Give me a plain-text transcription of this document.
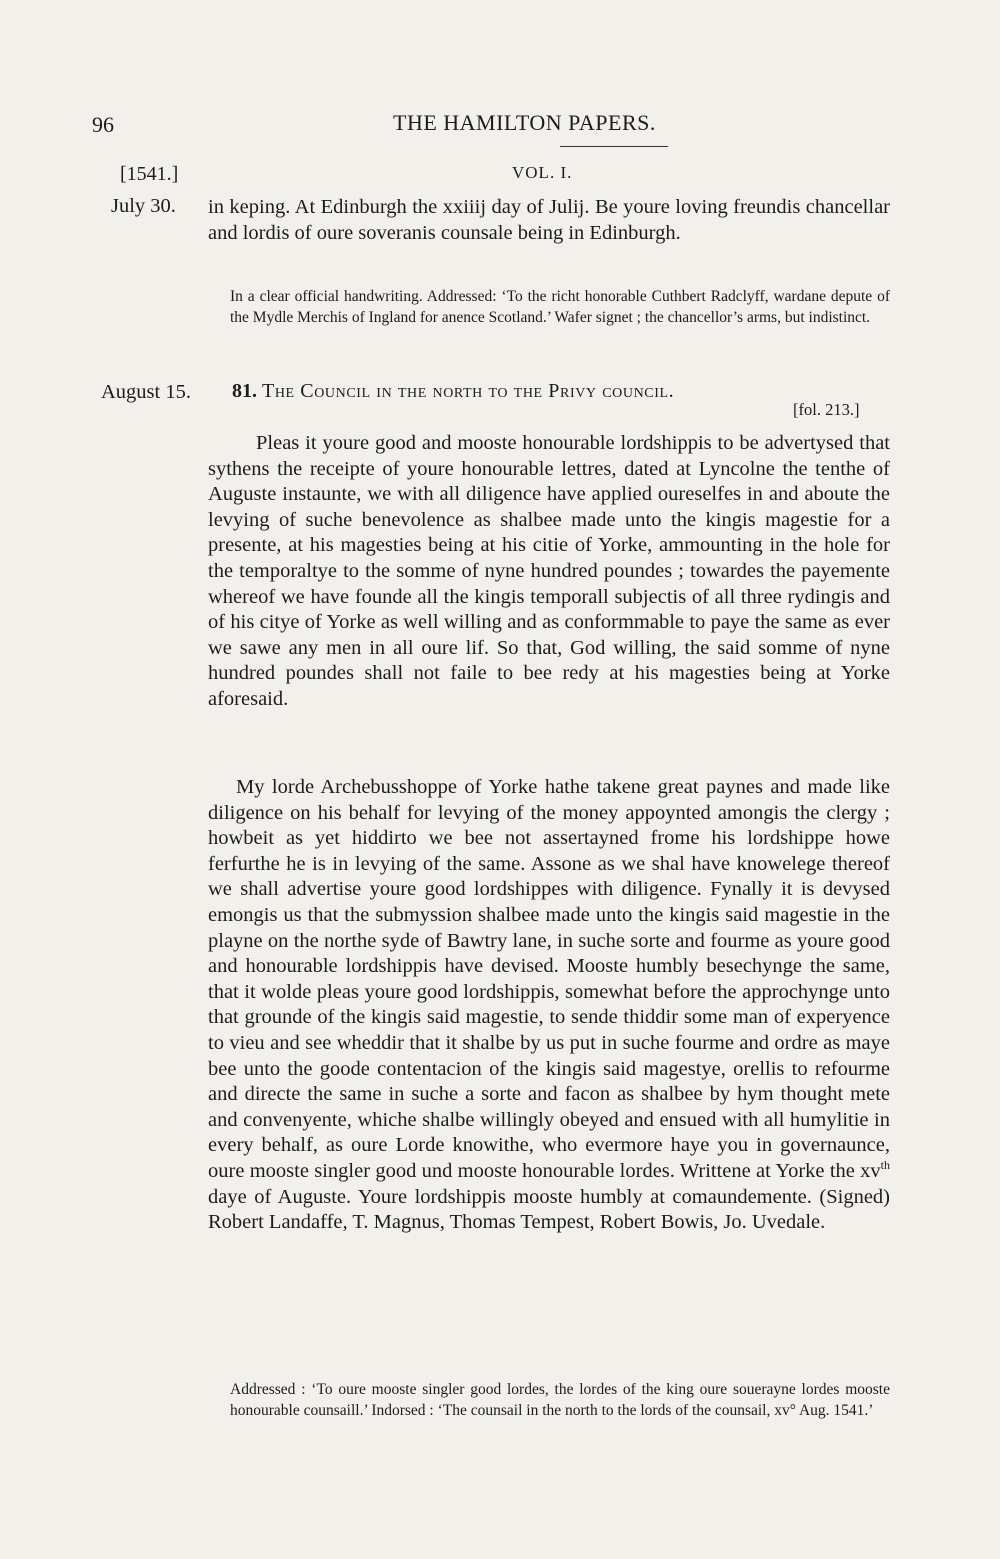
96	THE HAMILTON PAPERS.
[1541.]	VOL. I.
July 30. in keping. At Edinburgh the xxiiij day of Julij. Be youre loving freundis chancellar and lordis of oure soveranis counsale being in Edinburgh.
In a clear official handwriting. Addressed: ‘To the richt honorable Cuthbert Radclyff, wardane depute of the Mydle Merchis of Ingland for anence Scotland.’ Wafer signet ; the chancellor’s arms, but indistinct.
August 15. 81. The Council in the north to the Privy council.
[fol. 213.]
Pleas it youre good and mooste honourable lordshippis to be advertysed that sythens the receipte of youre honourable lettres, dated at Lyncolne the tenthe of Auguste instaunte, we with all diligence have applied oureselfes in and aboute the levying of suche benevolence as shalbee made unto the kingis magestie for a presente, at his magesties being at his citie of Yorke, ammounting in the hole for the temporaltye to the somme of nyne hundred poundes ; towardes the payemente whereof we have founde all the kingis temporall subjectis of all three rydingis and of his citye of Yorke as well willing and as conformmable to paye the same as ever we sawe any men in all oure lif. So that, God willing, the said somme of nyne hundred poundes shall not faile to bee redy at his magesties being at Yorke aforesaid.
My lorde Archebusshoppe of Yorke hathe takene great paynes and made like diligence on his behalf for levying of the money appoynted amongis the clergy ; howbeit as yet hiddirto we bee not assertayned frome his lordshippe howe ferfurthe he is in levying of the same. Assone as we shal have knowelege thereof we shall advertise youre good lordshippes with diligence. Fynally it is devysed emongis us that the submyssion shalbee made unto the kingis said magestie in the playne on the northe syde of Bawtry lane, in suche sorte and fourme as youre good and honourable lordshippis have devised. Mooste humbly besechynge the same, that it wolde pleas youre good lordshippis, somewhat before the approchynge unto that grounde of the kingis said magestie, to sende thiddir some man of experyence to vieu and see wheddir that it shalbe by us put in suche fourme and ordre as maye bee unto the goode contentacion of the kingis said magestye, orellis to refourme and directe the same in suche a sorte and facon as shalbee by hym thought mete and convenyente, whiche shalbe willingly obeyed and ensued with all humylitie in every behalf, as oure Lorde knowithe, who evermore haye you in governaunce, oure mooste singler good und mooste honourable lordes. Writtene at Yorke the $xv^{th}$ daye of Auguste. Youre lordshippis mooste humbly at comaundemente. (Signed) Robert Landaffe, T. Magnus, Thomas Tempest, Robert Bowis, Jo. Uvedale.
Addressed : ‘To oure mooste singler good lordes, the lordes of the king oure souerayne lordes mooste honourable counsaill.’ Indorsed : ‘The counsail in the north to the lords of the counsail, xv° Aug. 1541.’
